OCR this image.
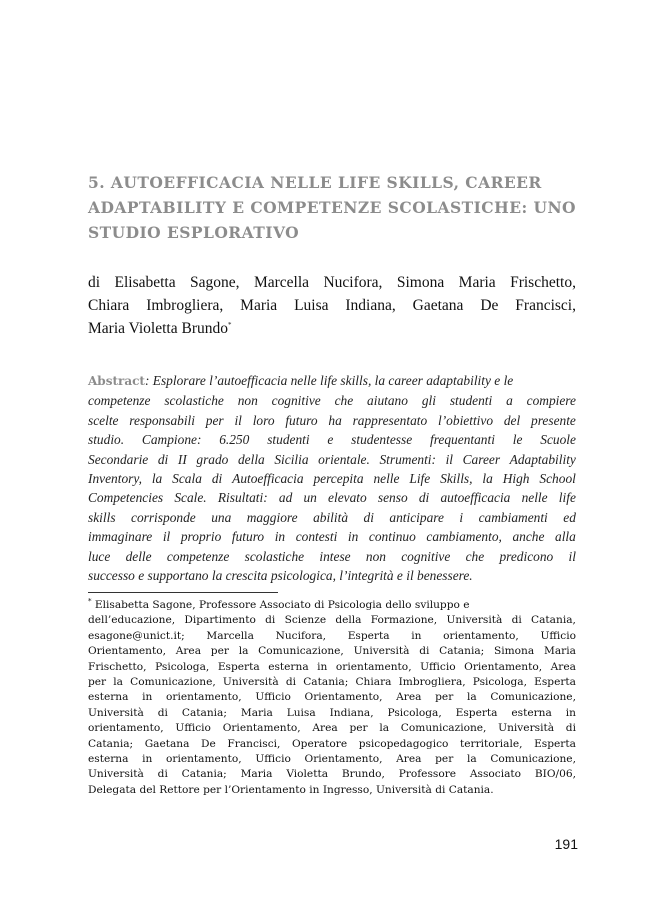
5. AUTOEFFICACIA NELLE LIFE SKILLS, CAREER
ADAPTABILITY E COMPETENZE SCOLASTICHE: UNO
STUDIO ESPLORATIVO
di Elisabetta Sagone, Marcella Nucifora, Simona Maria Frischetto,
Chiara Imbrogliera, Maria Luisa Indiana, Gaetana De Francisci,
Maria Violetta Brundo*
Abstract: Esplorare l’autoefficacia nelle life skills, la career adaptability e le
competenze scolastiche non cognitive che aiutano gli studenti a compiere
scelte responsabili per il loro futuro ha rappresentato l’obiettivo del presente
studio. Campione: 6.250 studenti e studentesse frequentanti le Scuole
Secondarie di II grado della Sicilia orientale. Strumenti: il Career Adaptability
Inventory, la Scala di Autoefficacia percepita nelle Life Skills, la High School
Competencies Scale. Risultati: ad un elevato senso di autoefficacia nelle life
skills corrisponde una maggiore abilità di anticipare i cambiamenti ed
immaginare il proprio futuro in contesti in continuo cambiamento, anche alla
luce delle competenze scolastiche intese non cognitive che predicono il
successo e supportano la crescita psicologica, l’integrità e il benessere.
* Elisabetta Sagone, Professore Associato di Psicologia dello sviluppo e
dell’educazione, Dipartimento di Scienze della Formazione, Università di Catania,
esagone@unict.it; Marcella Nucifora, Esperta in orientamento, Ufficio
Orientamento, Area per la Comunicazione, Università di Catania; Simona Maria
Frischetto, Psicologa, Esperta esterna in orientamento, Ufficio Orientamento, Area
per la Comunicazione, Università di Catania; Chiara Imbrogliera, Psicologa, Esperta
esterna in orientamento, Ufficio Orientamento, Area per la Comunicazione,
Università di Catania; Maria Luisa Indiana, Psicologa, Esperta esterna in
orientamento, Ufficio Orientamento, Area per la Comunicazione, Università di
Catania; Gaetana De Francisci, Operatore psicopedagogico territoriale, Esperta
esterna in orientamento, Ufficio Orientamento, Area per la Comunicazione,
Università di Catania; Maria Violetta Brundo, Professore Associato BIO/06,
Delegata del Rettore per l’Orientamento in Ingresso, Università di Catania.
191
